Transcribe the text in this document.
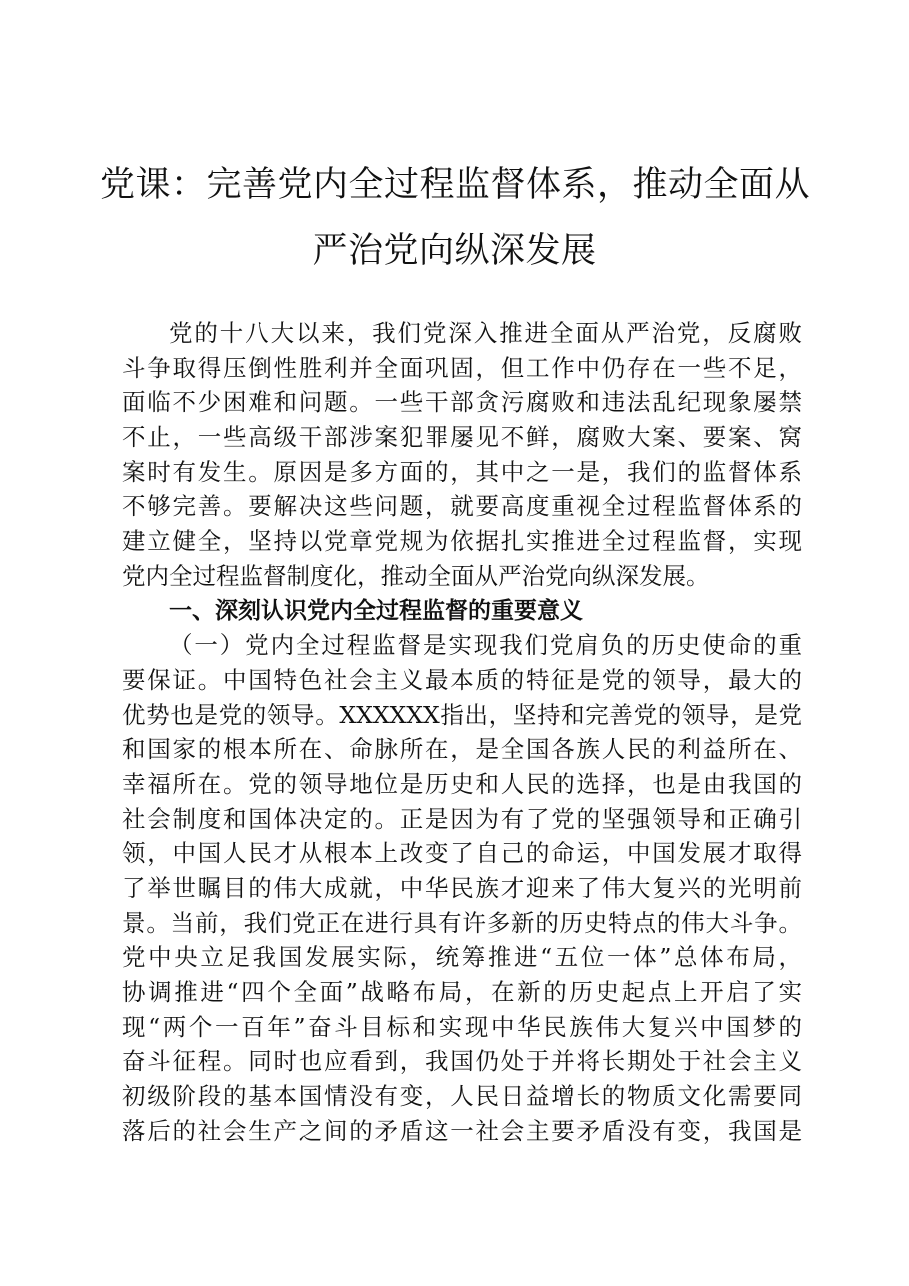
党课：完善党内全过程监督体系，推动全面从
严治党向纵深发展
党的十八大以来，我们党深入推进全面从严治党，反腐败
斗争取得压倒性胜利并全面巩固，但工作中仍存在一些不足，
面临不少困难和问题。一些干部贪污腐败和违法乱纪现象屡禁
不止，一些高级干部涉案犯罪屡见不鲜，腐败大案、要案、窝
案时有发生。原因是多方面的，其中之一是，我们的监督体系
不够完善。要解决这些问题，就要高度重视全过程监督体系的
建立健全，坚持以党章党规为依据扎实推进全过程监督，实现
党内全过程监督制度化，推动全面从严治党向纵深发展。
一、深刻认识党内全过程监督的重要意义
（一）党内全过程监督是实现我们党肩负的历史使命的重
要保证。中国特色社会主义最本质的特征是党的领导，最大的
优势也是党的领导。XXXXXX指出，坚持和完善党的领导，是党
和国家的根本所在、命脉所在，是全国各族人民的利益所在、
幸福所在。党的领导地位是历史和人民的选择，也是由我国的
社会制度和国体决定的。正是因为有了党的坚强领导和正确引
领，中国人民才从根本上改变了自己的命运，中国发展才取得
了举世瞩目的伟大成就，中华民族才迎来了伟大复兴的光明前
景。当前，我们党正在进行具有许多新的历史特点的伟大斗争。
党中央立足我国发展实际，统筹推进“五位一体”总体布局，
协调推进“四个全面”战略布局，在新的历史起点上开启了实
现“两个一百年”奋斗目标和实现中华民族伟大复兴中国梦的
奋斗征程。同时也应看到，我国仍处于并将长期处于社会主义
初级阶段的基本国情没有变，人民日益增长的物质文化需要同
落后的社会生产之间的矛盾这一社会主要矛盾没有变，我国是
